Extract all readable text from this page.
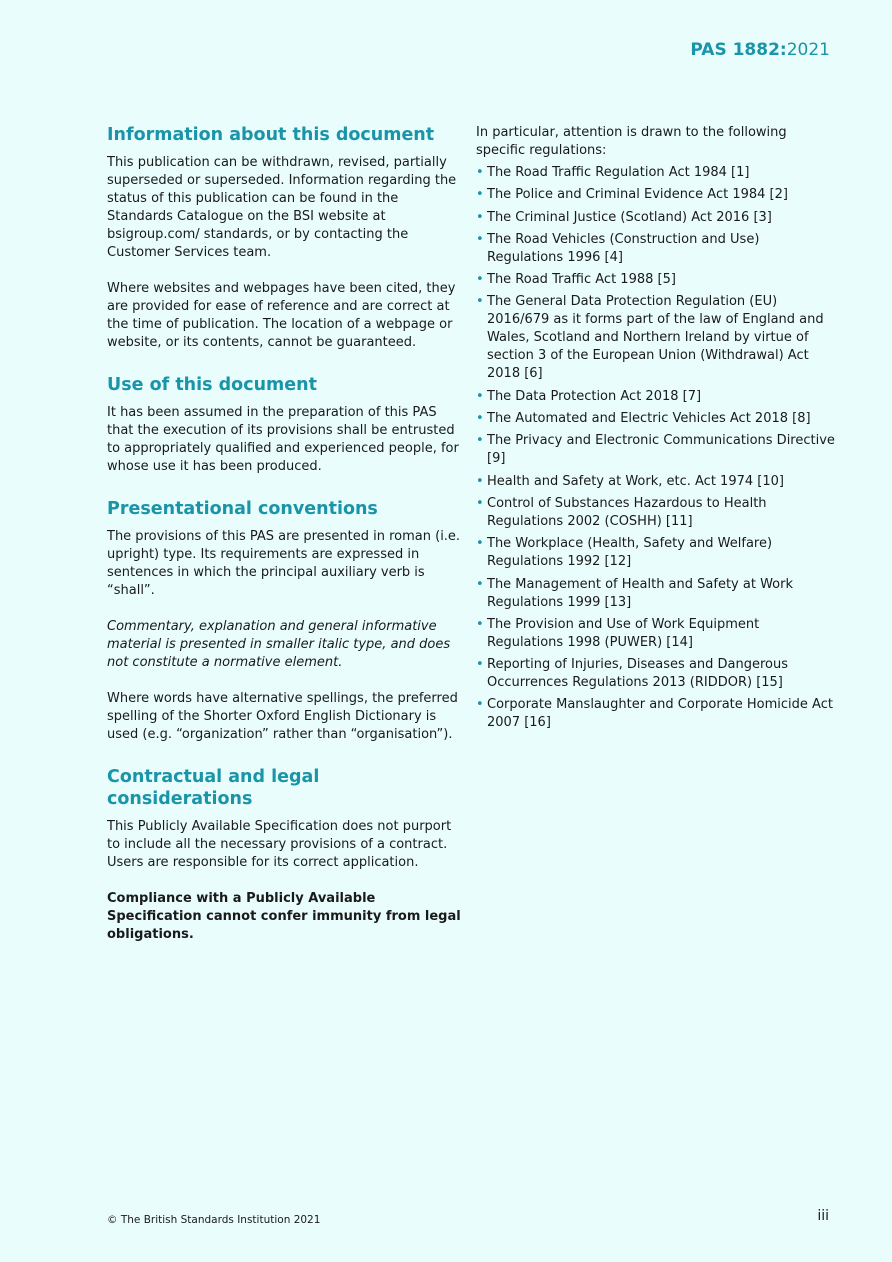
PAS 1882:2021
Information about this document

This publication can be withdrawn, revised, partially superseded or superseded. Information regarding the status of this publication can be found in the Standards Catalogue on the BSI website at bsigroup.com/ standards, or by contacting the Customer Services team.

Where websites and webpages have been cited, they are provided for ease of reference and are correct at the time of publication. The location of a webpage or website, or its contents, cannot be guaranteed.

Use of this document

It has been assumed in the preparation of this PAS that the execution of its provisions shall be entrusted to appropriately qualified and experienced people, for whose use it has been produced.

Presentational conventions

The provisions of this PAS are presented in roman (i.e. upright) type. Its requirements are expressed in sentences in which the principal auxiliary verb is “shall”.

Commentary, explanation and general informative material is presented in smaller italic type, and does not constitute a normative element.

Where words have alternative spellings, the preferred spelling of the Shorter Oxford English Dictionary is used (e.g. “organization” rather than “organisation”).

Contractual and legal considerations

This Publicly Available Specification does not purport to include all the necessary provisions of a contract. Users are responsible for its correct application.

Compliance with a Publicly Available Specification cannot confer immunity from legal obligations.

In particular, attention is drawn to the following specific regulations:

• The Road Traffic Regulation Act 1984 [1]
• The Police and Criminal Evidence Act 1984 [2]
• The Criminal Justice (Scotland) Act 2016 [3]
• The Road Vehicles (Construction and Use) Regulations 1996 [4]
• The Road Traffic Act 1988 [5]
• The General Data Protection Regulation (EU) 2016/679 as it forms part of the law of England and Wales, Scotland and Northern Ireland by virtue of section 3 of the European Union (Withdrawal) Act 2018 [6]
• The Data Protection Act 2018 [7]
• The Automated and Electric Vehicles Act 2018 [8]
• The Privacy and Electronic Communications Directive [9]
• Health and Safety at Work, etc. Act 1974 [10]
• Control of Substances Hazardous to Health Regulations 2002 (COSHH) [11]
• The Workplace (Health, Safety and Welfare) Regulations 1992 [12]
• The Management of Health and Safety at Work Regulations 1999 [13]
• The Provision and Use of Work Equipment Regulations 1998 (PUWER) [14]
• Reporting of Injuries, Diseases and Dangerous Occurrences Regulations 2013 (RIDDOR) [15]
• Corporate Manslaughter and Corporate Homicide Act 2007 [16]
© The British Standards Institution 2021	iii
